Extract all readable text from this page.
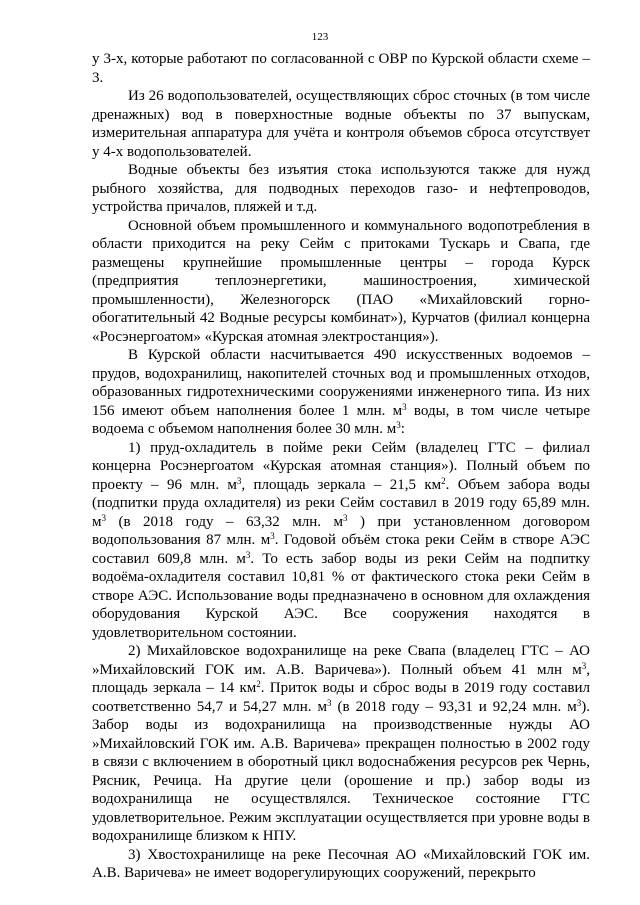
123

у 3-х, которые работают по согласованной с ОВР по Курской области схеме – 3.

Из 26 водопользователей, осуществляющих сброс сточных (в том числе дренажных) вод в поверхностные водные объекты по 37 выпускам, измерительная аппаратура для учёта и контроля объемов сброса отсутствует у 4-х водопользователей.

Водные объекты без изъятия стока используются также для нужд рыбного хозяйства, для подводных переходов газо- и нефтепроводов, устройства причалов, пляжей и т.д.

Основной объем промышленного и коммунального водопотребления в области приходится на реку Сейм с притоками Тускарь и Свапа, где размещены крупнейшие промышленные центры – города Курск (предприятия теплоэнергетики, машиностроения, химической промышленности), Железногорск (ПАО «Михайловский горно-обогатительный 42 Водные ресурсы комбинат»), Курчатов (филиал концерна «Росэнергоатом» «Курская атомная электростанция»).

В Курской области насчитывается 490 искусственных водоемов – прудов, водохранилищ, накопителей сточных вод и промышленных отходов, образованных гидротехническими сооружениями инженерного типа. Из них 156 имеют объем наполнения более 1 млн. $м^3$ воды, в том числе четыре водоема с объемом наполнения более 30 млн. $м^3$:

1) пруд-охладитель в пойме реки Сейм (владелец ГТС – филиал концерна Росэнергоатом «Курская атомная станция»). Полный объем по проекту – 96 млн. $м^3$, площадь зеркала – 21,5 $км^2$. Объем забора воды (подпитки пруда охладителя) из реки Сейм составил в 2019 году 65,89 млн. $м^3$ (в 2018 году – 63,32 млн. $м^3$ ) при установленном договором водопользования 87 млн. $м^3$. Годовой объём стока реки Сейм в створе АЭС составил 609,8 млн. $м^3$. То есть забор воды из реки Сейм на подпитку водоёма-охладителя составил 10,81 % от фактического стока реки Сейм в створе АЭС. Использование воды предназначено в основном для охлаждения оборудования Курской АЭС. Все сооружения находятся в удовлетворительном состоянии.

2) Михайловское водохранилище на реке Свапа (владелец ГТС – АО »Михайловский ГОК им. А.В. Варичева»). Полный объем 41 млн $м^3$, площадь зеркала – 14 $км^2$. Приток воды и сброс воды в 2019 году составил соответственно 54,7 и 54,27 млн. $м^3$ (в 2018 году – 93,31 и 92,24 млн. $м^3$). Забор воды из водохранилища на производственные нужды АО »Михайловский ГОК им. А.В. Варичева» прекращен полностью в 2002 году в связи с включением в оборотный цикл водоснабжения ресурсов рек Чернь, Рясник, Речица. На другие цели (орошение и пр.) забор воды из водохранилища не осуществлялся. Техническое состояние ГТС удовлетворительное. Режим эксплуатации осуществляется при уровне воды в водохранилище близком к НПУ.

3) Хвостохранилище на реке Песочная АО «Михайловский ГОК им. А.В. Варичева» не имеет водорегулирующих сооружений, перекрыто
